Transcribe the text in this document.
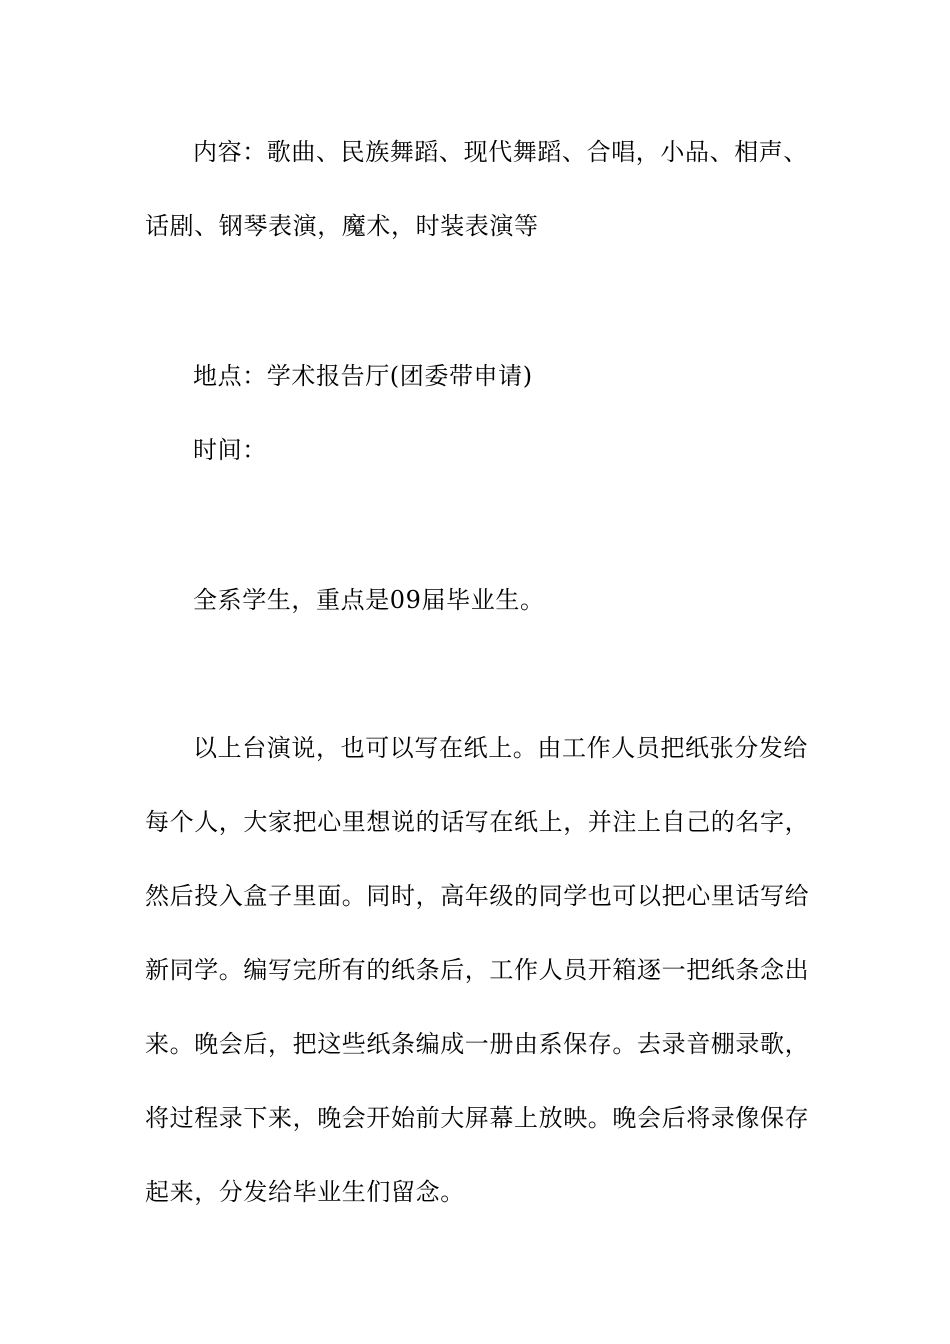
内容：歌曲、民族舞蹈、现代舞蹈、合唱，小品、相声、
话剧、钢琴表演，魔术，时装表演等
地点：学术报告厅(团委带申请)
时间：
全系学生，重点是09届毕业生。
以上台演说，也可以写在纸上。由工作人员把纸张分发给
每个人，大家把心里想说的话写在纸上，并注上自己的名字，
然后投入盒子里面。同时，高年级的同学也可以把心里话写给
新同学。编写完所有的纸条后，工作人员开箱逐一把纸条念出
来。晚会后，把这些纸条编成一册由系保存。去录音棚录歌，
将过程录下来，晚会开始前大屏幕上放映。晚会后将录像保存
起来，分发给毕业生们留念。
